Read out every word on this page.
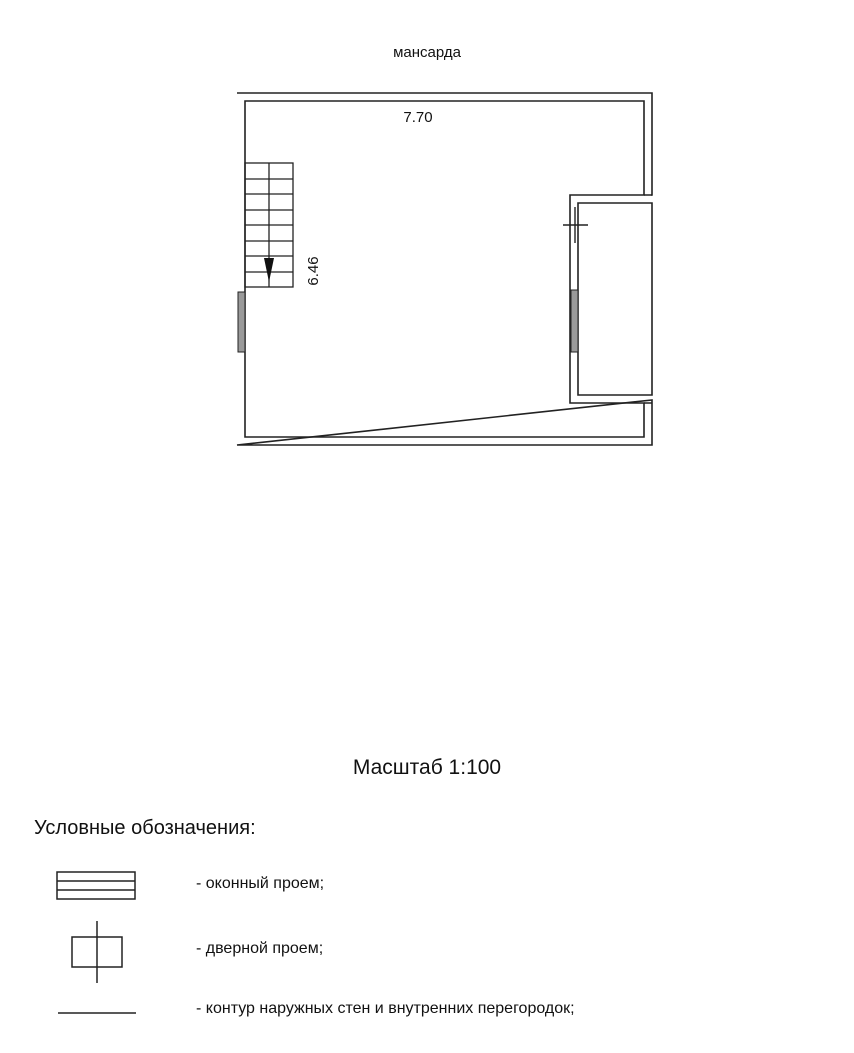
мансарда
7.70
6.46
Масштаб 1:100
Условные обозначения:
- оконный проем;
- дверной проем;
- контур наружных стен и внутренних перегородок;
